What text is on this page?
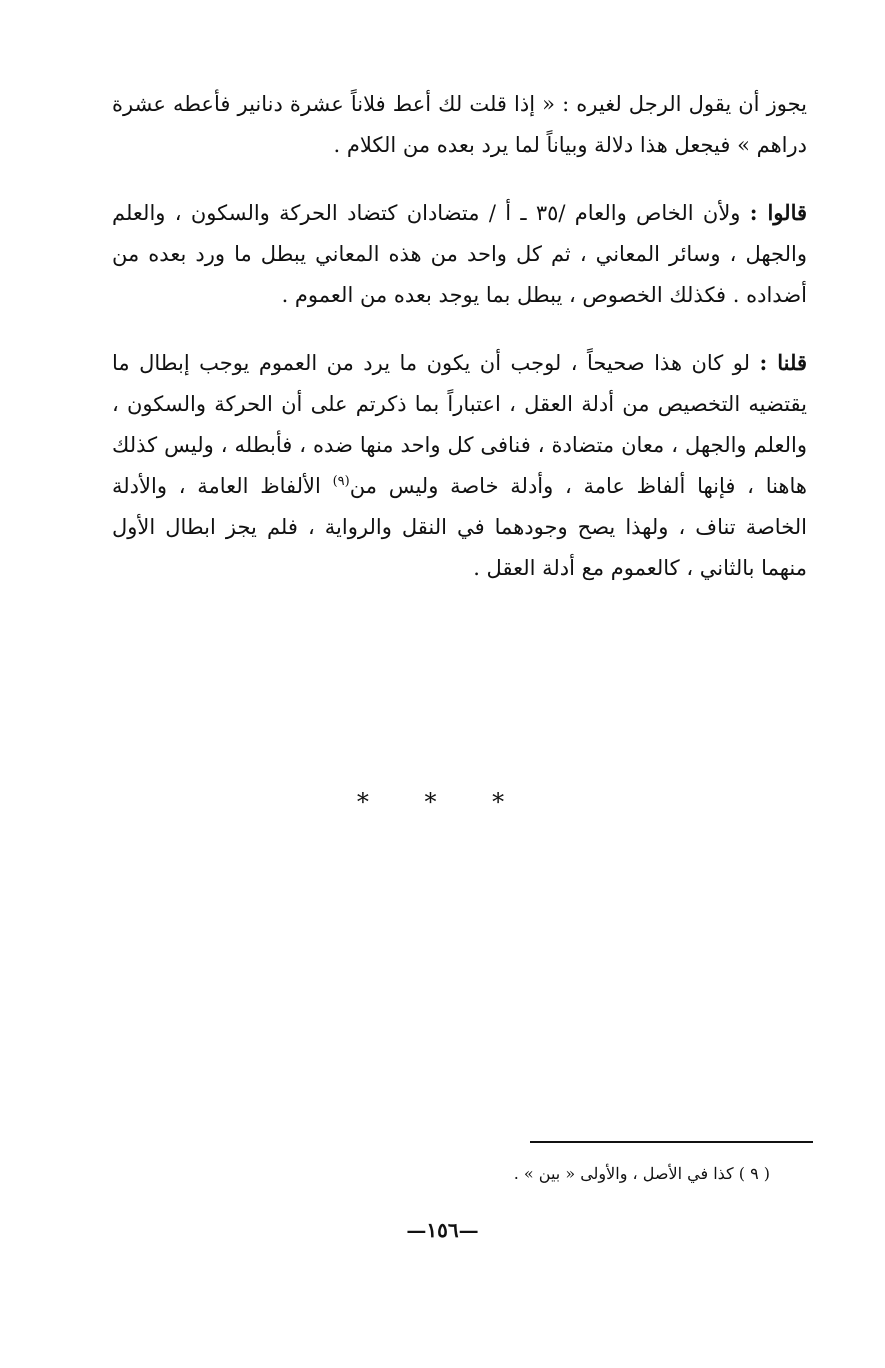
يجوز أن يقول الرجل لغيره : « إذا قلت لك أعط فلاناً عشرة دنانير فأعطه عشرة دراهم » فيجعل هذا دلالة وبياناً لما يرد بعده من الكلام .

قالوا : ولأن الخاص والعام /٣٥ ـ أ / متضادان كتضاد الحركة والسكون ، والعلم والجهل ، وسائر المعاني ، ثم كل واحد من هذه المعاني يبطل ما ورد بعده من أضداده . فكذلك الخصوص ، يبطل بما يوجد بعده من العموم .

قلنا : لو كان هذا صحيحاً ، لوجب أن يكون ما يرد من العموم يوجب إبطال ما يقتضيه التخصيص من أدلة العقل ، اعتباراً بما ذكرتم على أن الحركة والسكون ، والعلم والجهل ، معان متضادة ، فنافى كل واحد منها ضده ، فأبطله ، وليس كذلك هاهنا ، فإنها ألفاظ عامة ، وأدلة خاصة وليس من$^{(٩)}$ الألفاظ العامة ، والأدلة الخاصة تناف ، ولهذا يصح وجودهما في النقل والرواية ، فلم يجز ابطال الأول منهما بالثاني ، كالعموم مع أدلة العقل .

* * *
( ٩ ) كذا في الأصل ، والأولى « بين » .
—١٥٦—
